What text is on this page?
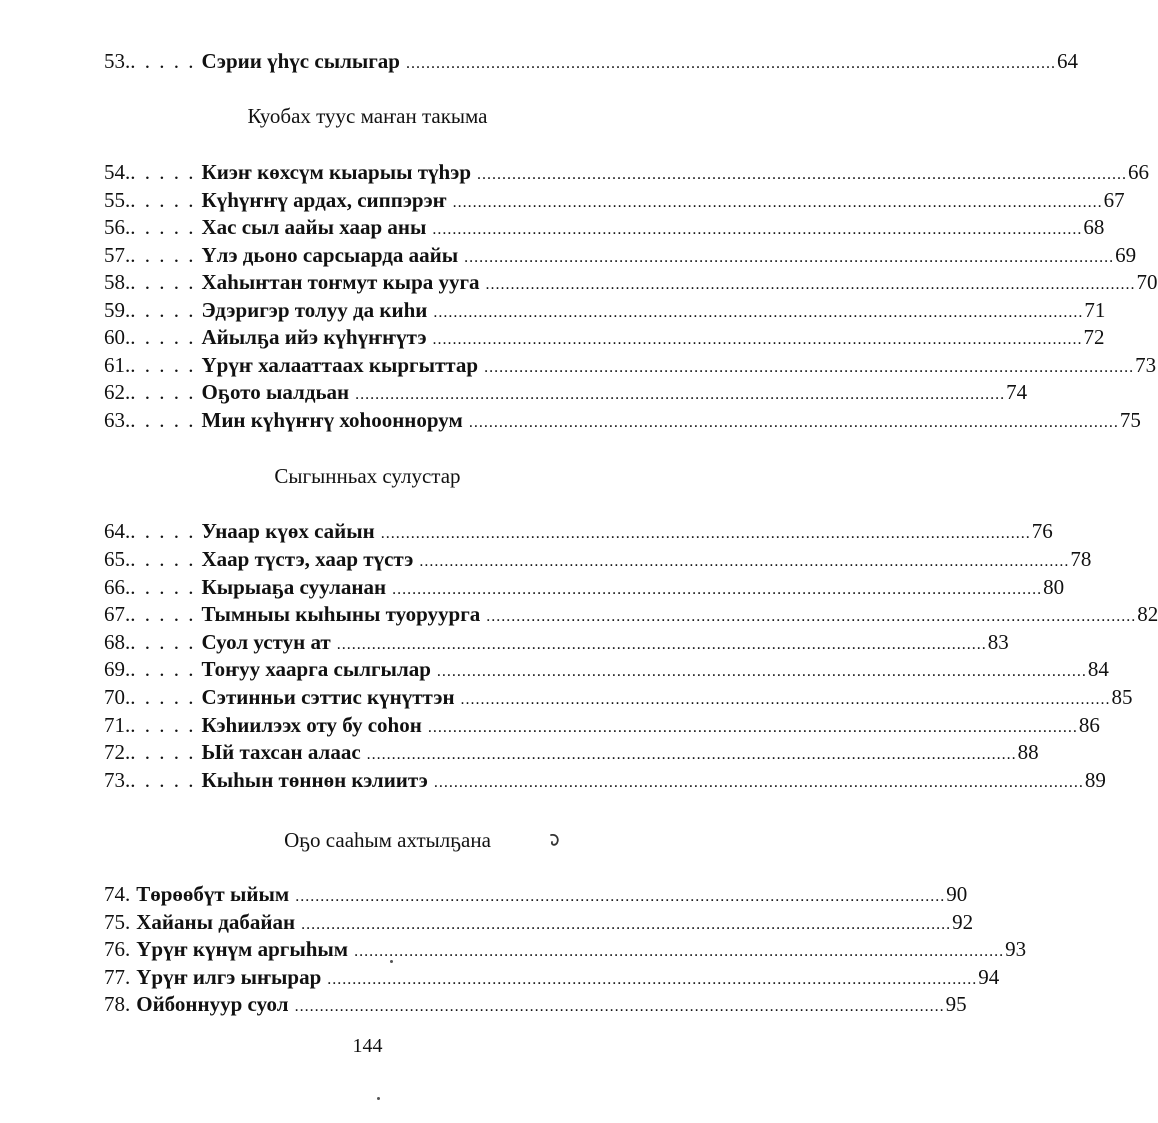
53. . . . . . Сэрии үһүс сылыгар .................................................................................................................................. 64
Куобах туус маҥан такыма
54. . . . . . Киэҥ көхсүм кыарыы түһэр .................................................................................................................................. 66
55. . . . . . Күһүҥҥү ардах, сиппэрэҥ .................................................................................................................................. 67
56. . . . . . Хас сыл аайы хаар аны .................................................................................................................................. 68
57. . . . . . Үлэ дьоно сарсыарда аайы .................................................................................................................................. 69
58. . . . . . Хаһыҥтан тоҥмут кыра ууга .................................................................................................................................. 70
59. . . . . . Эдэригэр толуу да киһи .................................................................................................................................. 71
60. . . . . . Айылҕа ийэ күһүҥҥүтэ .................................................................................................................................. 72
61. . . . . . Үрүҥ халааттаах кыргыттар .................................................................................................................................. 73
62. . . . . . Оҕото ыалдьан .................................................................................................................................. 74
63. . . . . . Мин күһүҥҥү хоһооннорум .................................................................................................................................. 75
Сыгынньах сулустар
64. . . . . . Унаар күөх сайын .................................................................................................................................. 76
65. . . . . . Хаар түстэ, хаар түстэ .................................................................................................................................. 78
66. . . . . . Кырыаҕа сууланан .................................................................................................................................. 80
67. . . . . . Тымныы кыһыны туоруурга .................................................................................................................................. 82
68. . . . . . Суол устун ат .................................................................................................................................. 83
69. . . . . . Тоҥуу хаарга сылгылар .................................................................................................................................. 84
70. . . . . . Сэтинньи сэттис күнүттэн .................................................................................................................................. 85
71. . . . . . Кэһиилээх оту бу соһон .................................................................................................................................. 86
72. . . . . . Ый тахсан алаас .................................................................................................................................. 88
73. . . . . . Кыһын төннөн кэлиитэ .................................................................................................................................. 89
Оҕо сааһым ахтылҕана
74. Төрөөбүт ыйым .................................................................................................................................. 90
75. Хайаны дабайан .................................................................................................................................. 92
76. Үрүҥ күнүм аргыһым .................................................................................................................................. 93
77. Үрүҥ илгэ ыҥырар .................................................................................................................................. 94
78. Ойбоннуур суол .................................................................................................................................. 95
144
